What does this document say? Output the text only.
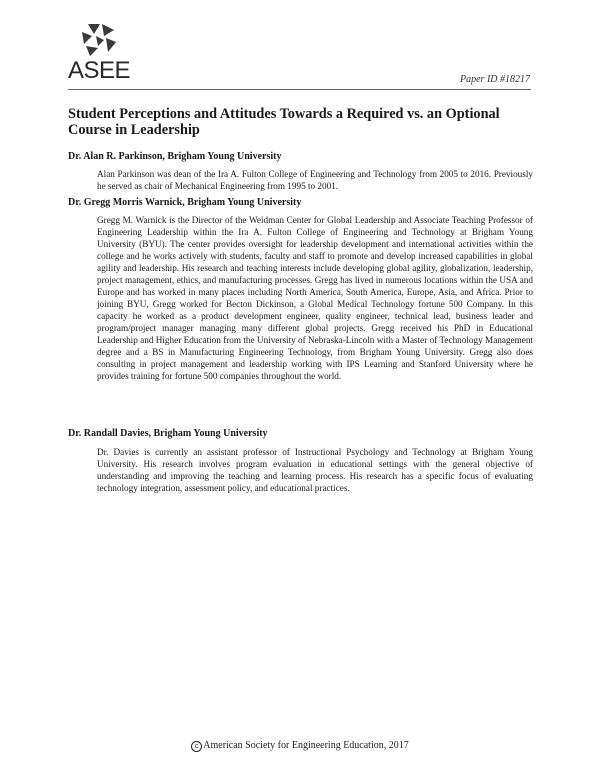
ASEE	Paper ID #18217
Student Perceptions and Attitudes Towards a Required vs. an Optional Course in Leadership

Dr. Alan R. Parkinson, Brigham Young University

Alan Parkinson was dean of the Ira A. Fulton College of Engineering and Technology from 2005 to 2016. Previously he served as chair of Mechanical Engineering from 1995 to 2001.

Dr. Gregg Morris Warnick, Brigham Young University

Gregg M. Warnick is the Director of the Weidman Center for Global Leadership and Associate Teaching Professor of Engineering Leadership within the Ira A. Fulton College of Engineering and Technology at Brigham Young University (BYU). The center provides oversight for leadership development and international activities within the college and he works actively with students, faculty and staff to promote and develop increased capabilities in global agility and leadership. His research and teaching interests include developing global agility, globalization, leadership, project management, ethics, and manufacturing processes. Gregg has lived in numerous locations within the USA and Europe and has worked in many places including North America, South America, Europe, Asia, and Africa. Prior to joining BYU, Gregg worked for Becton Dickinson, a Global Medical Technology fortune 500 Company. In this capacity he worked as a product development engineer, quality engineer, technical lead, business leader and program/project manager managing many different global projects. Gregg received his PhD in Educational Leadership and Higher Education from the University of Nebraska-Lincoln with a Master of Technology Management degree and a BS in Manufacturing Engineering Technology, from Brigham Young University. Gregg also does consulting in project management and leadership working with IPS Learning and Stanford University where he provides training for fortune 500 companies throughout the world.

Dr. Randall Davies, Brigham Young University

Dr. Davies is currently an assistant professor of Instructional Psychology and Technology at Brigham Young University. His research involves program evaluation in educational settings with the general objective of understanding and improving the teaching and learning process. His research has a specific focus of evaluating technology integration, assessment policy, and educational practices.

c American Society for Engineering Education, 2017
